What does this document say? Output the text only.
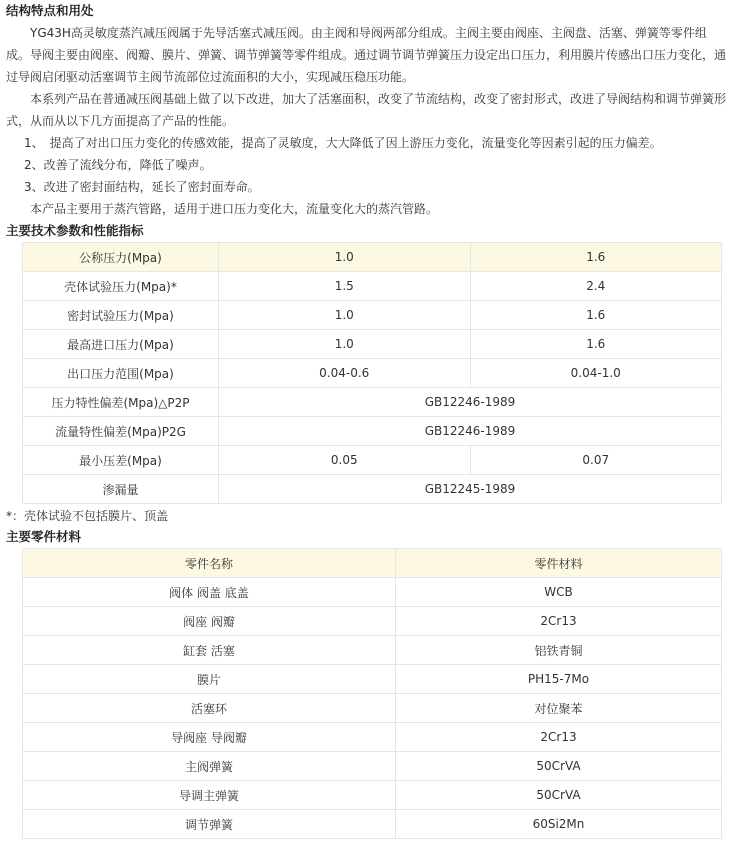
结构特点和用处
YG43H高灵敏度蒸汽减压阀属于先导活塞式减压阀。由主阀和导阀两部分组成。主阀主要由阀座、主阀盘、活塞、弹簧等零件组成。导阀主要由阀座、阀瓣、膜片、弹簧、调节弹簧等零件组成。通过调节调节弹簧压力设定出口压力，利用膜片传感出口压力变化，通过导阀启闭驱动活塞调节主阀节流部位过流面积的大小，实现减压稳压功能。
本系列产品在普通减压阀基础上做了以下改进，加大了活塞面积，改变了节流结构，改变了密封形式，改进了导阀结构和调节弹簧形式，从而从以下几方面提高了产品的性能。
1、　提高了对出口压力变化的传感效能，提高了灵敏度，大大降低了因上游压力变化，流量变化等因素引起的压力偏差。
2、改善了流线分布，降低了噪声。
3、改进了密封面结构，延长了密封面寿命。
本产品主要用于蒸汽管路，适用于进口压力变化大，流量变化大的蒸汽管路。
主要技术参数和性能指标
公称压力(Mpa)	1.0	1.6
壳体试验压力(Mpa)*	1.5	2.4
密封试验压力(Mpa)	1.0	1.6
最高进口压力(Mpa)	1.0	1.6
出口压力范围(Mpa)	0.04-0.6	0.04-1.0
压力特性偏差(Mpa)△P2P	GB12246-1989	
流量特性偏差(Mpa)P2G	GB12246-1989	
最小压差(Mpa)	0.05	0.07
渗漏量	GB12245-1989	
*：壳体试验不包括膜片、顶盖
主要零件材料
零件名称	零件材料
阀体 阀盖 底盖	WCB
阀座 阀瓣	2Cr13
缸套 活塞	铝铁青铜
膜片	PH15-7Mo
活塞环	对位聚苯
导阀座 导阀瓣	2Cr13
主阀弹簧	50CrVA
导调主弹簧	50CrVA
调节弹簧	60Si2Mn
